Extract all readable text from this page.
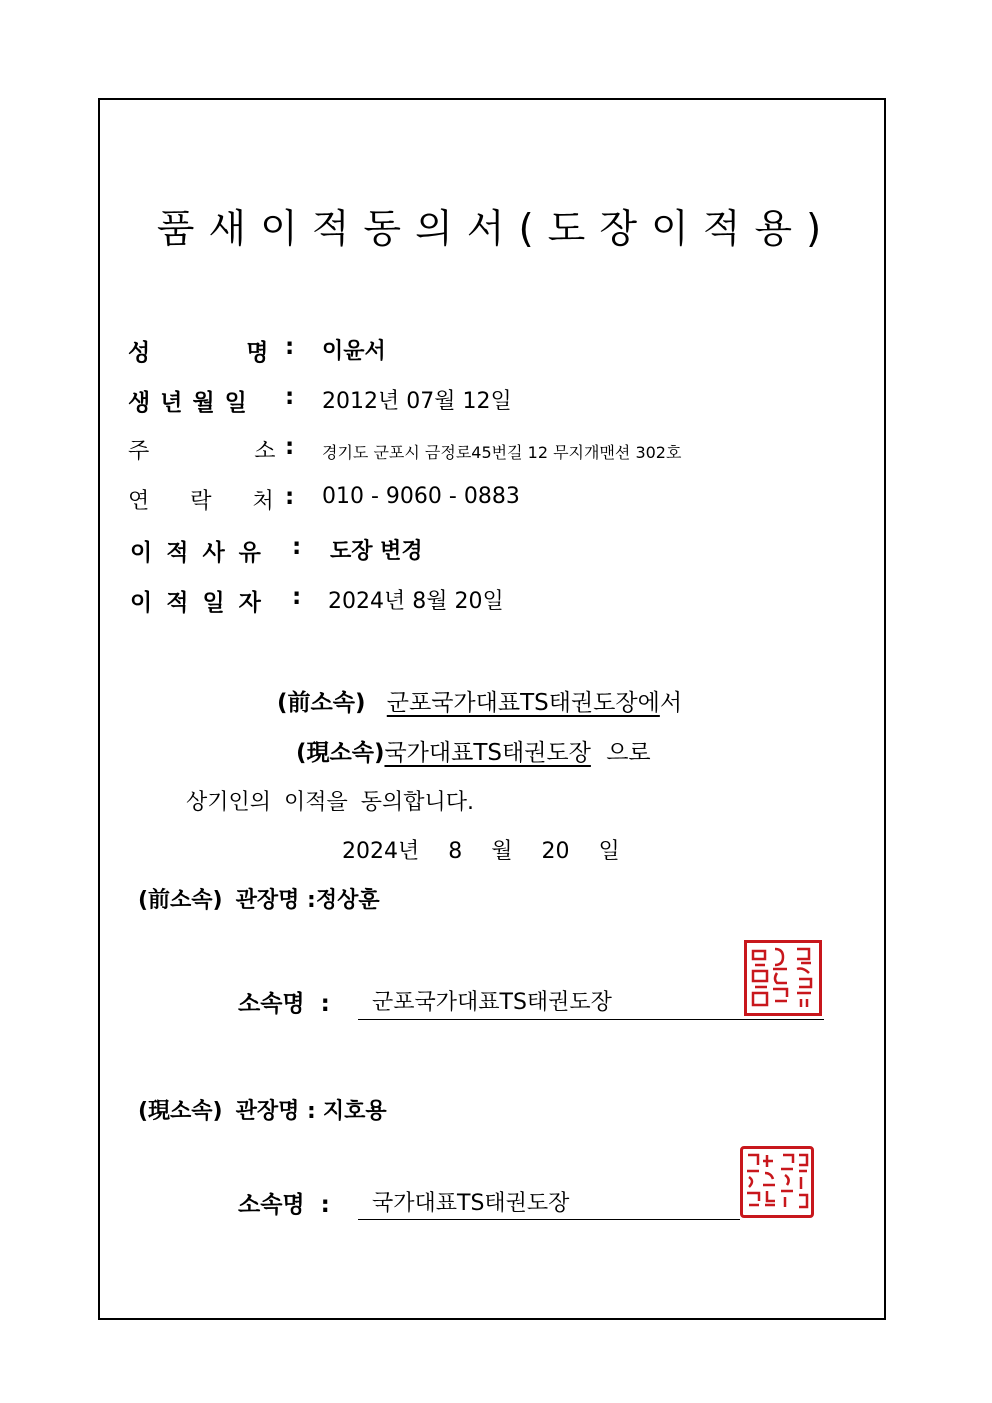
품새이적동의서(도장이적용)
성 명 : 이윤서
생 년 월 일 : 2012년 07월 12일
주 소 : 경기도 군포시 금정로45번길 12 무지개맨션 302호
연 락 처 : 010 - 9060 - 0883
이 적 사 유 : 도장 변경
이 적 일 자 : 2024년 8월 20일
(前소속) 군포국가대표TS태권도장에서
(現소속)국가대표TS태권도장 으로
상기인의 이적을 동의합니다.
2024년 8 월 20 일
(前소속) 관장명 :정상훈
소속명 : 군포국가대표TS태권도장
(現소속) 관장명 : 지호용
소속명 : 국가대표TS태권도장
